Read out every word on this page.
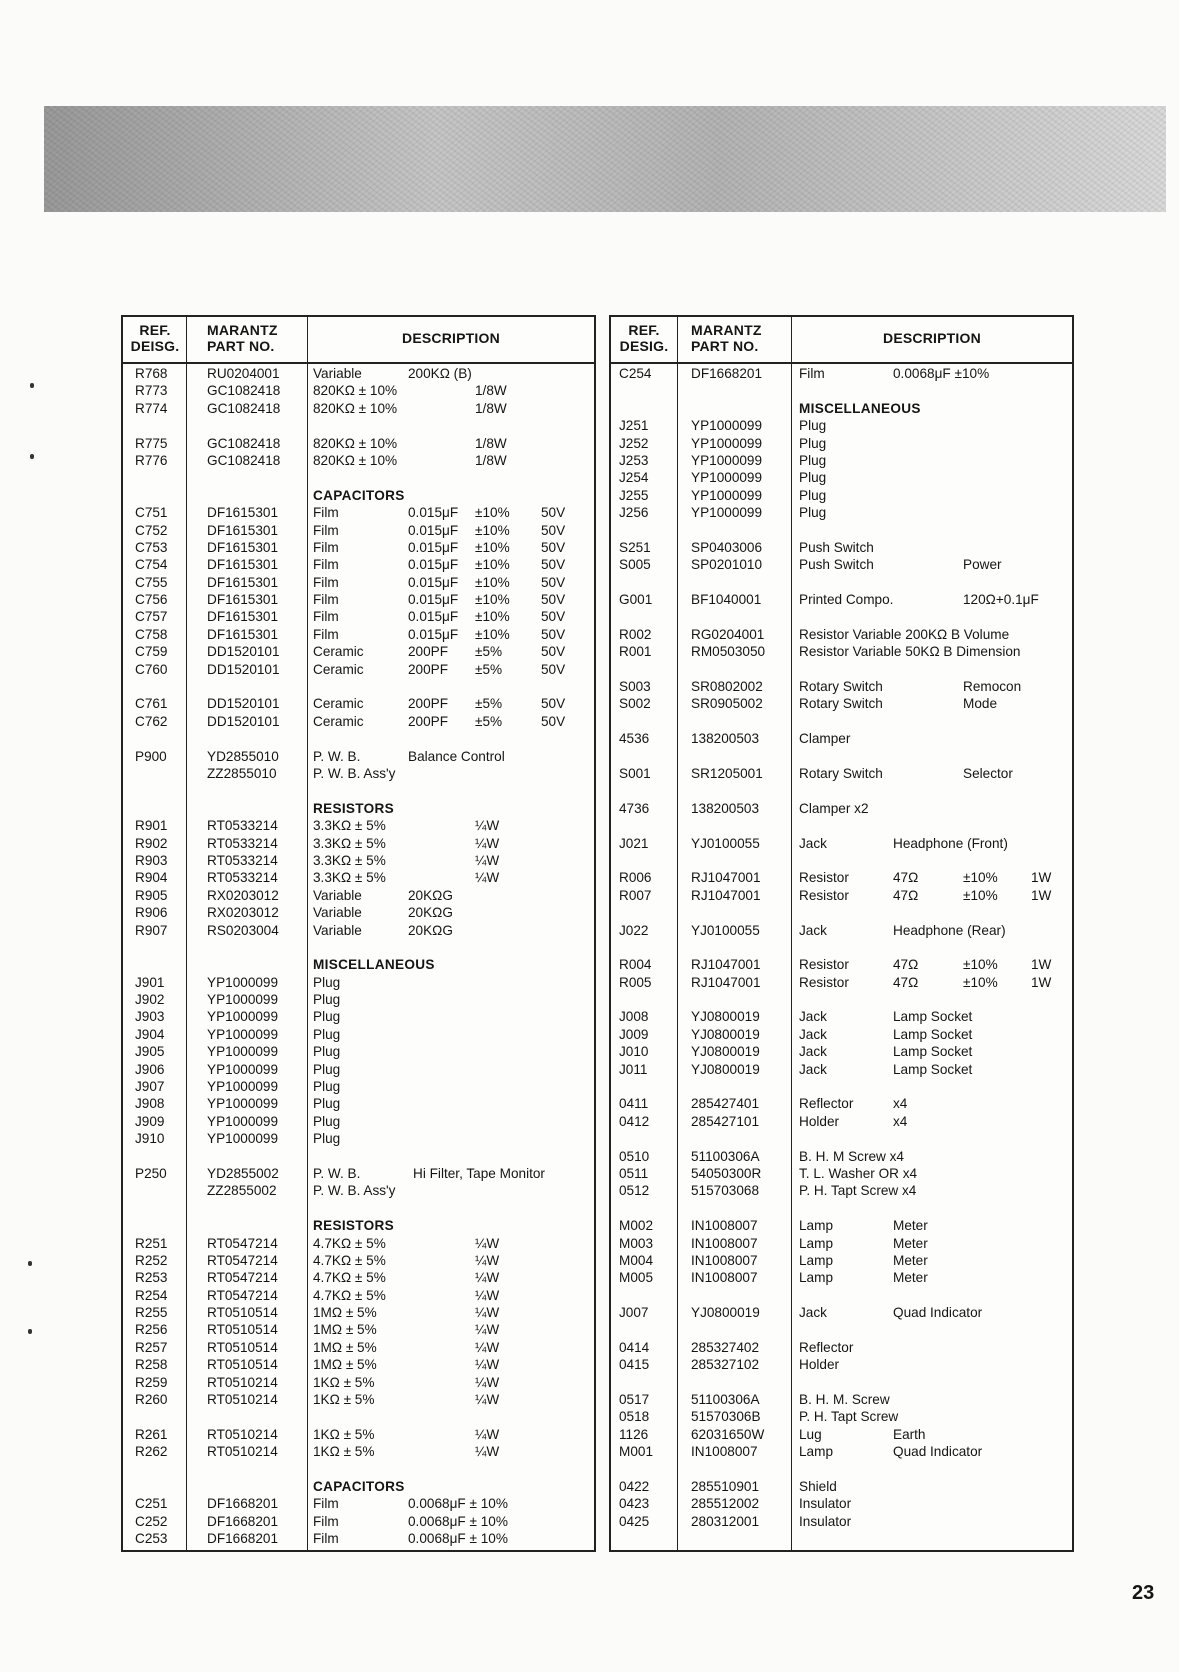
REF.
DEISG.
MARANTZ
PART NO.	DESCRIPTION
R768	RU0204001 Variable	200KΩ (B)
R773	GC1082418 820KΩ ± 10%	1/8W
R774	GC1082418 820KΩ ± 10%	1/8W
R775	GC1082418 820KΩ ± 10%	1/8W
R776	GC1082418 820KΩ ± 10%	1/8W
CAPACITORS
C751	DF1615301	Film	0.015μF ±10% 50V
C752	DF1615301	Film	0.015μF ±10% 50V
C753	DF1615301	Film	0.015μF ±10% 50V
C754	DF1615301	Film	0.015μF ±10% 50V
C755	DF1615301	Film	0.015μF ±10% 50V
C756	DF1615301	Film	0.015μF ±10% 50V
C757	DF1615301	Film	0.015μF ±10% 50V
C758	DF1615301	Film	0.015μF ±10% 50V
C759	DD1520101 Ceramic	200PF ±5%	50V
C760	DD1520101 Ceramic	200PF ±5%	50V
C761	DD1520101 Ceramic	200PF ±5%	50V
C762	DD1520101 Ceramic	200PF ±5%	50V
P900	YD2855010	P. W. B.	Balance Control
ZZ2855010	P. W. B. Ass'y
RESISTORS
R901	RT0533214	3.3KΩ ± 5%	¼W
R902	RT0533214	3.3KΩ ± 5%	¼W
R903	RT0533214	3.3KΩ ± 5%	¼W
R904	RT0533214	3.3KΩ ± 5%	¼W
R905	RX0203012	Variable	20KΩG
R906	RX0203012	Variable	20KΩG
R907	RS0203004	Variable	20KΩG
MISCELLANEOUS
J901	YP1000099	Plug
J902	YP1000099	Plug
J903	YP1000099	Plug
J904	YP1000099	Plug
J905	YP1000099	Plug
J906	YP1000099	Plug
J907	YP1000099	Plug
J908	YP1000099	Plug
J909	YP1000099	Plug
J910	YP1000099	Plug
P250	YD2855002	P. W. B.	Hi Filter, Tape Monitor
ZZ2855002	P. W. B. Ass'y
RESISTORS
R251	RT0547214	4.7KΩ ± 5%	¼W
R252	RT0547214	4.7KΩ ± 5%	¼W
R253	RT0547214	4.7KΩ ± 5%	¼W
R254	RT0547214	4.7KΩ ± 5%	¼W
R255	RT0510514	1MΩ ± 5%	¼W
R256	RT0510514	1MΩ ± 5%	¼W
R257	RT0510514	1MΩ ± 5%	¼W
R258	RT0510514	1MΩ ± 5%	¼W
R259	RT0510214	1KΩ ± 5%	¼W
R260	RT0510214	1KΩ ± 5%	¼W
R261	RT0510214	1KΩ ± 5%	¼W
R262	RT0510214	1KΩ ± 5%	¼W
CAPACITORS
C251	DF1668201	Film	0.0068μF ± 10%
C252	DF1668201	Film	0.0068μF ± 10%
C253	DF1668201	Film	0.0068μF ± 10%
REF.
DESIG.
MARANTZ
PART NO.	DESCRIPTION
C254	DF1668201	Film	0.0068μF ±10%
MISCELLANEOUS
J251	YP1000099	Plug
J252	YP1000099	Plug
J253	YP1000099	Plug
J254	YP1000099	Plug
J255	YP1000099	Plug
J256	YP1000099	Plug
S251	SP0403006	Push Switch
S005	SP0201010	Push Switch	Power
G001	BF1040001	Printed Compo.	120Ω+0.1μF
R002	RG0204001	Resistor Variable 200KΩ B Volume
R001	RM0503050 Resistor Variable 50KΩ B Dimension
S003	SR0802002	Rotary Switch	Remocon
S002	SR0905002	Rotary Switch	Mode
4536	138200503	Clamper
S001	SR1205001	Rotary Switch	Selector
4736	138200503	Clamper x2
J021	YJ0100055	Jack	Headphone (Front)
R006	RJ1047001	Resistor	47Ω	±10% 1W
R007	RJ1047001	Resistor	47Ω	±10% 1W
J022	YJ0100055	Jack	Headphone (Rear)
R004	RJ1047001	Resistor	47Ω	±10% 1W
R005	RJ1047001	Resistor	47Ω	±10% 1W
J008	YJ0800019	Jack	Lamp Socket
J009	YJ0800019	Jack	Lamp Socket
J010	YJ0800019	Jack	Lamp Socket
J011	YJ0800019	Jack	Lamp Socket
0411	285427401	Reflector	x4
0412	285427101	Holder	x4
0510	51100306A	B. H. M Screw x4
0511	54050300R	T. L. Washer OR x4
0512	515703068	P. H. Tapt Screw x4
M002	IN1008007	Lamp	Meter
M003	IN1008007	Lamp	Meter
M004	IN1008007	Lamp	Meter
M005	IN1008007	Lamp	Meter
J007	YJ0800019	Jack	Quad Indicator
0414	285327402	Reflector
0415	285327102	Holder
0517	51100306A	B. H. M. Screw
0518	51570306B	P. H. Tapt Screw
1126	62031650W	Lug	Earth
M001	IN1008007	Lamp	Quad Indicator
0422	285510901	Shield
0423	285512002	Insulator
0425	280312001	Insulator
23
